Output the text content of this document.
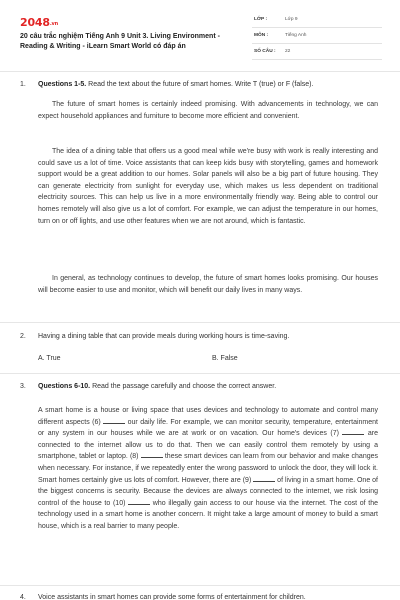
2048.vn
20 câu trắc nghiệm Tiếng Anh 9 Unit 3. Living Environment - Reading & Writing - iLearn Smart World có đáp án
LỚP :	Lớp 9
MÔN :	Tiếng Anh
SỐ CÂU : 22
1. Questions 1-5. Read the text about the future of smart homes. Write T (true) or F (false).
The future of smart homes is certainly indeed promising. With advancements in technology, we can expect household appliances and furniture to become more efficient and convenient.
The idea of a dining table that offers us a good meal while we're busy with work is really interesting and could save us a lot of time. Voice assistants that can keep kids busy with storytelling, games and homework support would be a great addition to our homes. Solar panels will also be a big part of future housing. They can generate electricity from sunlight for everyday use, which makes us less dependent on traditional electricity sources. This can help us live in a more environmentally friendly way. Being able to control our homes remotely will also give us a lot of comfort. For example, we can adjust the temperature in our homes, turn on or off lights, and use other features when we are not around, which is fantastic.
In general, as technology continues to develop, the future of smart homes looks promising. Our houses will become easier to use and monitor, which will benefit our daily lives in many ways.
2. Having a dining table that can provide meals during working hours is time-saving.
A. True	B. False
3. Questions 6-10. Read the passage carefully and choose the correct answer.
A smart home is a house or living space that uses devices and technology to automate and control many different aspects (6)	our daily life. For example, we can monitor security, temperature, entertainment or any system in our houses while we are at work or on vacation. Our home's devices (7)	are connected to the internet allow us to do that. Then we can easily control them remotely by using a smartphone, tablet or laptop. (8)	these smart devices can learn from our behavior and make changes when necessary. For instance, if we repeatedly enter the wrong password to unlock the door, they will lock it. Smart homes certainly give us lots of comfort. However, there are (9)	of living in a smart home. One of the biggest concerns is security. Because the devices are always connected to the internet, we risk losing control of the house to (10)	who illegally gain access to our house via the internet. The cost of the technology used in a smart home is another concern. It might take a large amount of money to build a smart house, which is a real barrier to many people.
4. Voice assistants in smart homes can provide some forms of entertainment for children.
